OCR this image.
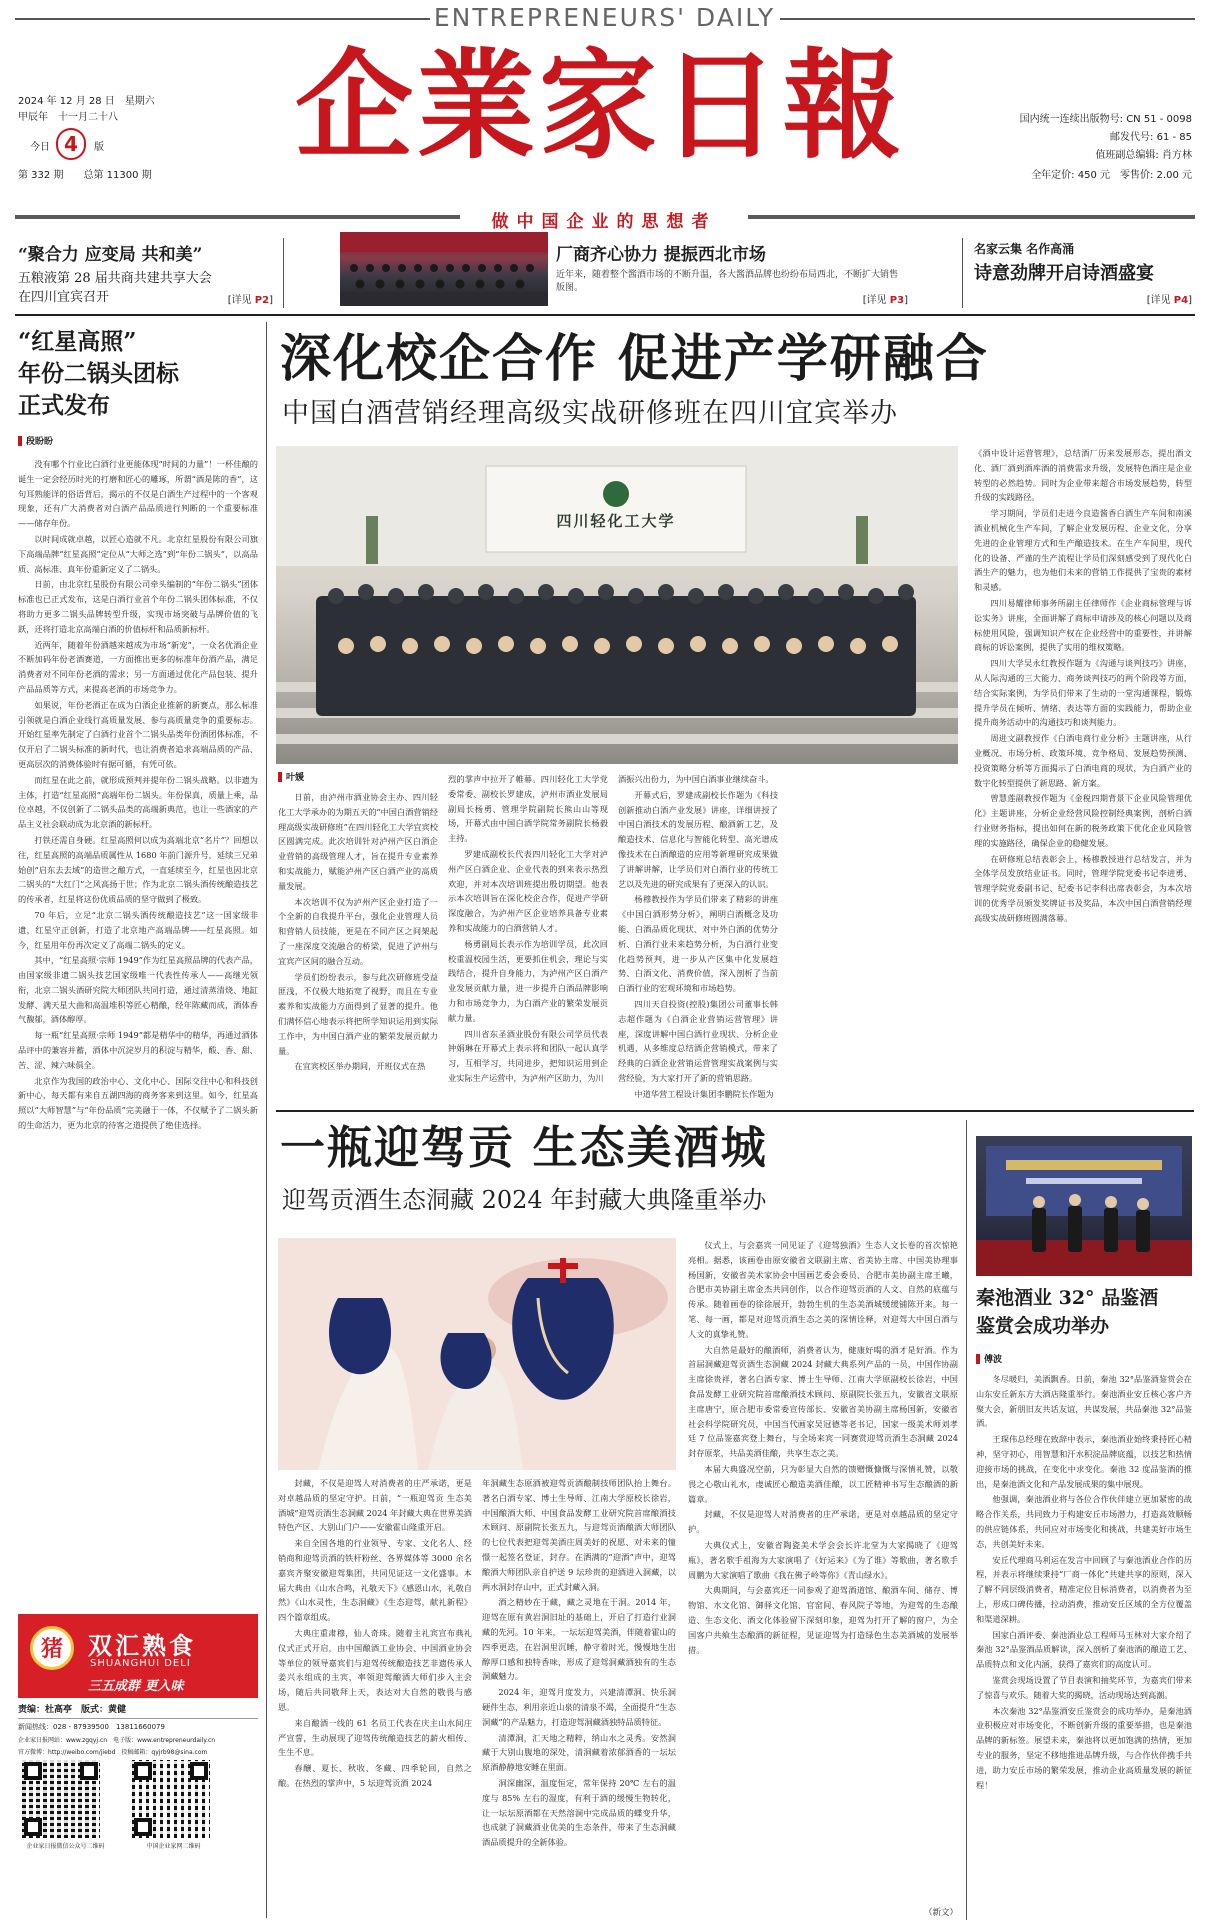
ENTREPRENEURS' DAILY
企業家日報
2024 年 12 月 28 日　星期六
甲辰年　十一月二十八
今日 4	版
第 332 期　　总第 11300 期
国内统一连续出版物号: CN 51 - 0098
邮发代号: 61 - 85
值班副总编辑: 肖方林
全年定价: 450 元　零售价: 2.00 元
做中国企业的思想者
“聚合力 应变局 共和美”
五粮液第 28 届共商共建共享大会
在四川宜宾召开	[详见 P2]
厂商齐心协力 提振西北市场
近年来，随着整个酱酒市场的不断升温，各大酱酒品牌也纷纷布局西北，不断扩大销售版图。
[详见 P3]
名家云集 名作高涌
诗意劲牌开启诗酒盛宴
[详见 P4]
“红星高照”
年份二锅头团标
正式发布
段盼盼

没有哪个行业比白酒行业更能体现“时间的力量”！一杯佳酿的诞生一定会经历时光的打磨和匠心的雕琢，所谓“酒是陈的香”，这句耳熟能详的俗语背后，揭示的不仅是白酒生产过程中的一个客观现象，还有广大消费者对白酒产品品质进行判断的一个重要标准——储存年份。

以时间成就卓越，以匠心造就不凡。北京红星股份有限公司旗下高端品牌“红星高照”定位从“大师之选”到“年份二锅头”，以高品质、高标准、真年份重新定义了二锅头。

日前，由北京红星股份有限公司牵头编制的“年份二锅头”团体标准也已正式发布，这是白酒行业首个年份二锅头团体标准，不仅将助力更多二锅头品牌转型升级，实现市场突破与品牌价值的飞跃，还将打造北京高端白酒的价值标杆和品质新标杆。

近两年，随着年份酒越来越成为市场“新宠”，一众名优酒企业不断加码年份老酒赛道，一方面推出更多的标准年份酒产品，满足消费者对不同年份老酒的需求；另一方面通过优化产品包装、提升产品品质等方式，来提高老酒的市场竞争力。

如果说，年份老酒正在成为白酒企业推新的新赛点，那么标准引领就是白酒企业线行高质量发展、参与高质量竞争的重要标志。开始红星率先制定了白酒行业首个二锅头品类年份酒团体标准，不仅开启了二锅头标准的新时代，也让消费者追求高端品质的产品、更高层次的消费体验时有据可循，有凭可依。

而红星在此之前，就形成预判并提年份二锅头战略。以非遗为主体，打造“红星高照”高端年份二锅头。年份保真，质量上乘，品位卓越，不仅创新了二锅头品类的高端新典范，也让一些酒家的产品主义社会联动成为北京酒的新标杆。

打铁还需自身硬。红星高照何以成为高端北京“名片”？回想以往，红星高照的高端品质属性从 1680 年前门源升号，延续三兄弟始创“启东去去域”的造世之酿方式，一直延续至今，红星也因北京二锅头的“大红门”之风高扬于世；作为北京二锅头酒传统酿造技艺的传承者，红星将这份优质品质的坚守做到了极致。

70 年后，立足“北京二锅头酒传统酿造技艺”这一国家级非遗，红星守正创新，打造了北京地产高端品牌——红星高照。如今，红星用年份再次定义了高端二锅头的定义。

其中，“红星高照·宗师 1949”作为红星高照品牌的代表产品，由国家级非遗二锅头技艺国家级唯一代表性传承人——高继光领衔，北京二锅头酒研究院大师团队共同打造，通过清蒸清烧、地缸发酵、满天星大曲和高温堆积等匠心精酿，经年陈藏而成，酒体香气馥郁，酒体醇厚。

每一瓶“红星高照·宗师 1949”都是精华中的精华，再通过酒体品评中的兼容并蓄，酒体中沉淀岁月的积淀与精华，酸、香、甜、苦、涩、辣六味俱全。

北京作为我国的政治中心、文化中心、国际交往中心和科技创新中心，每天都有来自五湖四海的商务客来到这里。如今，红星高照以“大师智慧”与“年份品质”完美融于一体，不仅赋予了二锅头新的生命活力，更为北京的待客之道提供了绝佳选择。

猪	双汇熟食
SHUANGHUI DELI
三五成群 更入味
责编：杜高亭　版式：黄健
新闻热线：028 - 87939500　13811660079
企业家日报网站：www.zgqyj.cn　电子版：www.entrepreneurdaily.cn
官方微博：http://weibo.com/jiebd　投稿邮箱：qyjrb98@sina.com
企业家日报微信公众号二维码	中国企业家网二维码
深化校企合作 促进产学研融合
中国白酒营销经理高级实战研修班在四川宜宾举办
四川轻化工大学
叶媛

日前，由泸州市酒业协会主办、四川轻化工大学承办的为期五天的“中国白酒营销经理高级实战研修班”在四川轻化工大学宜宾校区圆满完成。此次培训针对泸州产区白酒企业营销的高级管理人才，旨在提升专业素养和实战能力，赋能泸州产区白酒产业的高质量发展。

本次培训不仅为泸州产区企业打造了一个全新的自我提升平台，强化企业管理人员和营销人员技能，更是在不同产区之间架起了一座深度交流融合的桥梁，促进了泸州与宜宾产区间的融合互动。

学员们纷纷表示，参与此次研修班受益匪浅，不仅极大地拓宽了视野，而且在专业素养和实战能力方面得到了显著的提升。他们满怀信心地表示将把所学知识运用到实际工作中，为中国白酒产业的繁荣发展贡献力量。

在宜宾校区举办期间，开班仪式在热

烈的掌声中拉开了帷幕。四川轻化工大学党委常委、副校长罗建成，泸州市酒业发展局副局长杨勇、管理学院副院长熊山山等现场，开幕式由中国白酒学院常务副院长杨毅主持。

罗建成副校长代表四川轻化工大学对泸州产区白酒企业、企业代表的到来表示热烈欢迎，并对本次培训班提出殷切期望。他表示本次培训旨在深化校企合作，促进产学研深度融合，为泸州产区企业培养具备专业素养和实战能力的白酒营销人才。

杨勇副局长表示作为培训学员，此次回校重温校园生活，更要抓住机会，理论与实践结合，提升自身能力，为泸州产区白酒产业发展贡献力量，进一步提升白酒品牌影响力和市场竞争力，为白酒产业的繁荣发展贡献力量。

四川省东圣酒业股份有限公司学员代表钟娟琳在开幕式上表示将和团队一起认真学习，互相学习，共同进步，把知识运用到企业实际生产运营中，为泸州产区助力，为川

酒振兴出份力，为中国白酒事业继续奋斗。

开幕式后，罗建成副校长作题为《科技创新推动白酒产业发展》讲座，详细讲授了中国白酒技术的发展历程、酿酒新工艺，及酿造技术、信息化与智能化转型、高光谱成像技术在白酒酿造的应用等新理研究成果做了讲解讲解，让学员们对白酒行业的传统工艺以及先进的研究成果有了更深入的认识。

杨穆教授作为学员们带来了精彩的讲座《中国白酒形势分析》，阐明白酒概念及功能、白酒品质化现状、对中外白酒的优势分析、白酒行业未来趋势分析，为白酒行业变化趋势预判，进一步从产区集中化发展趋势、白酒文化、消费价值，深入剖析了当前白酒行业的宏观环境和市场趋势。

四川天自投资(控股)集团公司董事长韩志超作题为《白酒企业营销运营管理》讲座，深度讲解中国白酒行业现状、分析企业机遇，从多维度总结酒企营销模式，带来了经典的白酒企业营销运营管理实战案例与实营经验，为大家打开了新的营销思路。

中道华营工程设计集团李鹏院长作题为

《酒中设计运营管理》，总结酒厂历来发展形态，提出酒文化、酒厂酒到酒库酒的消费需求升级，发展特色酒庄是企业转型的必然趋势。同时为企业带来超合市场发展趋势，转型升级的实践路径。

学习期间，学员们走进今良造酱香白酒生产车间和南溪酒业机械化生产车间，了解企业发展历程、企业文化，分享先进的企业管理方式和生产酿造技术。在生产车间里，现代化的设备、严谨的生产流程让学员们深刻感受到了现代化白酒生产的魅力，也为他们未来的营销工作提供了宝贵的素材和灵感。

四川易耀律师事务所副主任律师作《企业商标管理与诉讼实务》讲座，全面讲解了商标申请涉及的核心问题以及商标使用风险，强调知识产权在企业经营中的重要性，并讲解商标的诉讼案例，提供了实用的维权策略。

四川大学吴永红教授作题为《沟通与谈判技巧》讲座，从人际沟通的三大能力、商务谈判技巧的两个阶段等方面，结合实际案例，为学员们带来了生动的一堂沟通课程，锻炼提升学员在倾听、情绪、表达等方面的实践能力，帮助企业提升商务活动中的沟通技巧和谈判能力。

周进文副教授作《白酒电商行业分析》主题讲座，从行业概况、市场分析、政策环境、竞争格局、发展趋势预测、投资策略分析等方面揭示了白酒电商的现状，为白酒产业的数字化转型提供了新思路、新方案。

曾慧莲副教授作题为《金税四期背景下企业风险管理优化》主题讲座，分析企业经营风险控制经典案例，剖析白酒行业财务指标，提出如何在新的税务政策下优化企业风险管理的实施路径，确保企业的稳健发展。

在研修班总结表彰会上，杨穆教授进行总结发言，并为全体学员发放结业证书。同时，管理学院党委书记李进勇、管理学院党委副书记、纪委书记李科出席表彰会，为本次培训的优秀学员颁发奖牌证书及奖品，本次中国白酒营销经理高级实战研修班圆满落幕。

一瓶迎驾贡 生态美酒城
迎驾贡酒生态洞藏 2024 年封藏大典隆重举办

封藏，不仅是迎驾人对消费者的庄严承诺，更是对卓越品质的坚定守护。日前，“一瓶迎驾贡 生态美酒城”迎驾贡酒生态洞藏 2024 年封藏大典在世界美酒特色产区、大别山门户——安徽霍山隆重开启。

来自全国各地的行业领导、专家、文化名人、经销商和迎驾贡酒的铁杆粉丝、各界媒体等 3000 余名嘉宾齐聚安徽迎驾集团，共同见证这一文化盛事。本届大典由《山水合鸣，礼敬天下》《感恩山水，礼敬自然》《山水灵性，生态洞藏》《生态迎驾，献礼新程》四个篇章组成。

大典庄重肃穆，仙人奇珠。随着主礼宾宣布典礼仪式正式开启，由中国酿酒工业协会、中国酒业协会等单位的领导嘉宾们与迎驾传统酿造技艺非遗传承人姜兴永组成的主宾，率领迎驾酿酒大师们步入主会场，随后共同敬拜上天，表达对大自然的敬畏与感恩。

来自酿酒一线的 61 名员工代表在庆主山水间庄严宣誓，生动展现了迎驾传统酿造技艺的薪火相传、生生不息。

春醸、夏长、秋收、冬藏、四季轮回，自然之酿。在热烈的掌声中，5 坛迎驾贡酒 2024

年洞藏生态原酒被迎驾贡酒酿制技师团队抬上舞台。著名白酒专家、博士生导师、江南大学原校长徐岩，中国酿酒大师、中国食品发酵工业研究院首席酿酒技术顾问、原副院长张五九，与迎驾贡酒酿酒大师团队的七位代表把迎驾美酒庄周美好的祝愿、对未来的憧憬一起签名登证，封存。在洒满的“迎酒”声中，迎驾酿酒大师团队亲自护送 9 坛珍贵的迎酒进入洞藏，以两水洞封存山中，正式封藏入洞。

酒之精妙在于藏，藏之灵地在于洞。2014 年，迎驾在原有黄岩洞旧址的基础上，开启了打造行业洞藏的先河。10 年来，一坛坛迎驾美酒，伴随着霍山的四季更迭，在岩洞里沉睡，静守着时光，慢慢地生出醇厚口感和独特香味，形成了迎驾洞藏酒独有的生态洞藏魅力。

2024 年，迎驾月度发力，兴建清潭洞、快乐洞硬件生态，利用亲近山泉的清泉不竭，全面提升“生态洞藏”的产品魅力，打造迎驾洞藏酒独特品质特征。

清潭洞，汇天地之精粹，纳山水之灵秀。安然洞藏于大别山腹地的深处，清洞藏着浓郁酒香的一坛坛原酒静静地安睡在里面。

洞深幽深，温度恒定，常年保持 20℃ 左右的温度与 85% 左右的湿度，有利于酒的缓慢生物转化，让一坛坛原酒都在天然溶洞中完成品质的蝶变升华，也成就了洞藏酒业优美的生态条件，带来了生态洞藏酒品质提升的全新体验。

仪式上，与会嘉宾一同见证了《迎驾独酒》生态人文长卷的首次惊艳亮相。据悉，该画卷由原安徽省文联副主席、省美协主席、中国美协理事杨国新，安徽省美术家协会中国画艺委会委员、合肥市美协副主席王曦，合肥市美协副主席金杰共同创作，以合作迎驾贡酒的人文、自然的底蕴与传承。随着画卷的徐徐展开，勃勃生机的生态美酒城缓缓铺陈开来。每一笔、每一画，都是对迎驾贡酒生态之美的深情诠释，对迎驾大中国白酒与人文的真挚礼赞。

大自然是最好的酿酒师，消费者认为，健康好喝的酒才是好酒。作为首届洞藏迎驾贡酒生态洞藏 2024 封藏大典系列产品的一员，中国作协副主席徐贵祥，著名白酒专家、博士生导师、江南大学原副校长徐岩，中国食品发酵工业研究院首席酿酒技术顾问、原副院长张五九，安徽省文联原主席唐宁，原合肥市委常委宣传部长、安徽省美协副主席杨国新，安徽省社会科学院研究员，中国当代画家吴冠德等老书记，国家一级美术师刘孝廷 7 位品鉴嘉宾登上舞台，与全场来宾一同赛赏迎驾贡酒生态洞藏 2024 封存原浆，共品美酒佳酿，共享生态之美。

本届大典盛况空前，只为彰显大自然的馈赠慨慷慨与深情礼赞，以敬畏之心敬山礼水，虔诚匠心酿造美酒佳酿，以工匠精神书写生态酿酒的新篇章。

封藏，不仅是迎驾人对消费者的庄严承诺，更是对卓越品质的坚定守护。

大典仪式上，安徽省陶瓷美术学会会长许北堂为大家揭晓了《迎驾瓶》，著名歌手祖海为大家演唱了《好运来》《为了谁》等歌曲，著名歌手周鹏为大家演唱了歌曲《我在佛子岭等你》《青山绿水》。

大典期间，与会嘉宾还一同参观了迎驾酒道馆、酿酒车间、储存、博物馆、水文化馆、御驿文化馆、官窑间、春风院子等地，为迎驾的生态酿造、生态文化、酒文化体验留下深刻印象，迎驾为打开了解的窗户，为全国客户共飨生态酿酒的新征程，见证迎驾为打造绿色生态美酒城的发展举措。

（新文）
秦池酒业 32° 品鉴酒
鉴赏会成功举办
傅波

冬尽暖归，美酒飘香。日前，秦池 32°品鉴酒鉴赏会在山东安丘新东方大酒店隆重举行。秦池酒业安丘核心客户齐聚大会，新朋旧友共话友谊，共谋发展，共品秦池 32°品鉴酒。

王琛伟总经理在致辞中表示，秦池酒业始终秉持匠心精神，坚守初心，用智慧和汗水积淀品牌底蕴，以技艺和热情迎接市场的挑战，在变化中求变化。秦池 32 度品鉴酒的推出，是秦池酒文化和产品发展成果的集中展现。

他强调，秦池酒业将与各位合作伙伴建立更加紧密的战略合作关系，共同致力于构建安丘市场潜力，打造高效顺畅的供应链体系，共同应对市场变化和挑战，共建美好市场生态，共创美好未来。

安丘代理商马利运在发言中回顾了与秦池酒业合作的历程，并表示将继续秉持“厂商一体化”共建共享的原则，深入了解不同层级消费者，精准定位目标消费者，以消费者为至上，形成口碑传播，拉动消费，推动安丘区域的全方位覆盖和渠道深耕。

国家白酒评委、秦池酒业总工程师马玉林对大家介绍了秦池 32°品鉴酒品质解读，深入剖析了秦池酒的酿造工艺、品质特点和文化内涵，获得了嘉宾们的高度认可。

鉴赏会现场设置了节目表演和抽奖环节，为嘉宾们带来了惊喜与欢乐。随着大奖的揭晓，活动现场达到高潮。

本次秦池 32°品鉴酒安丘鉴赏会的成功举办，是秦池酒业积极应对市场变化，不断创新升级的重要举措，也是秦池品牌的新标签。展望未来，秦池将以更加饱满的热情，更加专业的服务，坚定不移地推进品牌升级，与合作伙伴携手共进，助力安丘市场的繁荣发展，推动企业高质量发展的新征程！
